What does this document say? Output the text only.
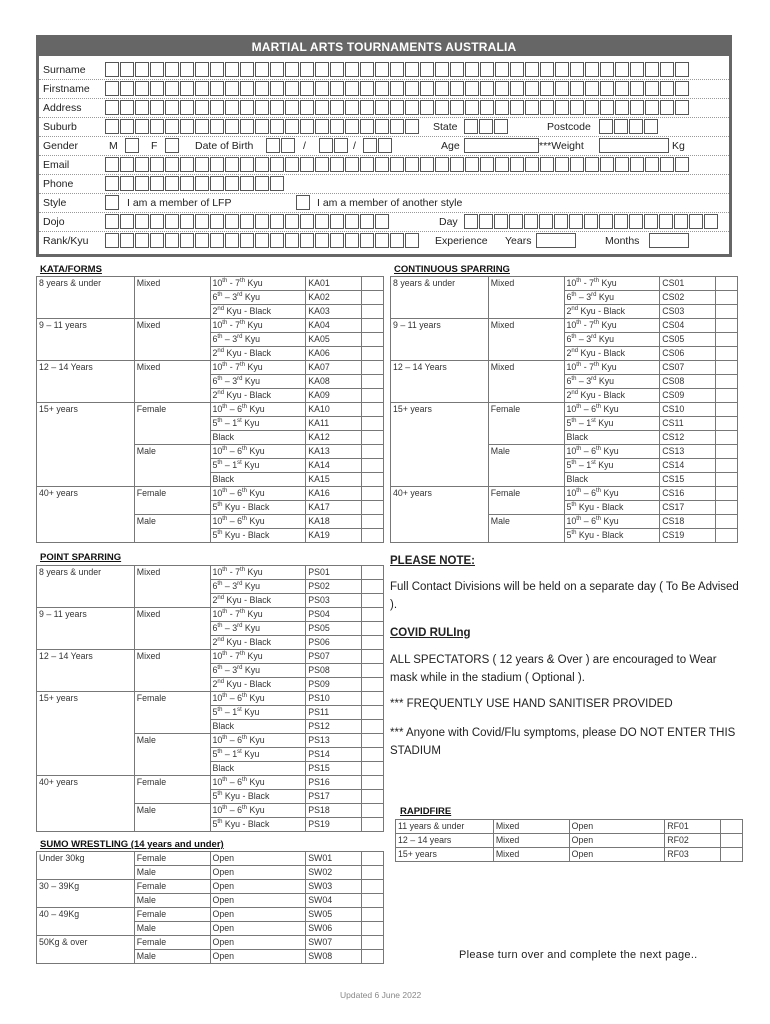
MARTIAL ARTS TOURNAMENTS AUSTRALIA
Surname
Firstname
Address
Suburb	State	Postcode
Gender	M	F	Date of Birth	/	/	Age	***Weight	Kg
Email
Phone
Style	I am a member of LFP	I am a member of another style
Dojo	Day
Rank/Kyu	Experience Years	Months
KATA/FORMS
8 years & under	Mixed	10th - 7th Kyu	KA01	
		6th – 3rd Kyu	KA02	
		2nd Kyu - Black	KA03	
9 – 11 years	Mixed	10th - 7th Kyu	KA04	
		6th – 3rd Kyu	KA05	
		2nd Kyu - Black	KA06	
12 – 14 Years	Mixed	10th - 7th Kyu	KA07	
		6th – 3rd Kyu	KA08	
		2nd Kyu - Black	KA09	
15+ years	Female	10th – 6th Kyu	KA10	
		5th – 1st Kyu	KA11	
		Black	KA12	
	Male	10th – 6th Kyu	KA13	
		5th – 1st Kyu	KA14	
		Black	KA15	
40+ years	Female	10th – 6th Kyu	KA16	
		5th Kyu - Black	KA17	
	Male	10th – 6th Kyu	KA18	
		5th Kyu - Black	KA19	
CONTINUOUS SPARRING
8 years & under	Mixed	10th - 7th Kyu	CS01	
		6th – 3rd Kyu	CS02	
		2nd Kyu - Black	CS03	
9 – 11 years	Mixed	10th - 7th Kyu	CS04	
		6th – 3rd Kyu	CS05	
		2nd Kyu - Black	CS06	
12 – 14 Years	Mixed	10th - 7th Kyu	CS07	
		6th – 3rd Kyu	CS08	
		2nd Kyu - Black	CS09	
15+ years	Female	10th – 6th Kyu	CS10	
		5th – 1st Kyu	CS11	
		Black	CS12	
	Male	10th – 6th Kyu	CS13	
		5th – 1st Kyu	CS14	
		Black	CS15	
40+ years	Female	10th – 6th Kyu	CS16	
		5th Kyu - Black	CS17	
	Male	10th – 6th Kyu	CS18	
		5th Kyu - Black	CS19	
POINT SPARRING
8 years & under	Mixed	10th - 7th Kyu	PS01	
		6th – 3rd Kyu	PS02	
		2nd Kyu - Black	PS03	
9 – 11 years	Mixed	10th - 7th Kyu	PS04	
		6th – 3rd Kyu	PS05	
		2nd Kyu - Black	PS06	
12 – 14 Years	Mixed	10th - 7th Kyu	PS07	
		6th – 3rd Kyu	PS08	
		2nd Kyu - Black	PS09	
15+ years	Female	10th – 6th Kyu	PS10	
		5th – 1st Kyu	PS11	
		Black	PS12	
	Male	10th – 6th Kyu	PS13	
		5th – 1st Kyu	PS14	
		Black	PS15	
40+ years	Female	10th – 6th Kyu	PS16	
		5th Kyu - Black	PS17	
	Male	10th – 6th Kyu	PS18	
		5th Kyu - Black	PS19	
SUMO WRESTLING (14 years and under)
Under 30kg	Female	Open	SW01	
	Male	Open	SW02	
30 – 39Kg	Female	Open	SW03	
	Male	Open	SW04	
40 – 49Kg	Female	Open	SW05	
	Male	Open	SW06	
50Kg & over	Female	Open	SW07	
	Male	Open	SW08	
RAPIDFIRE
11 years & under	Mixed	Open	RF01	
12 – 14 years	Mixed	Open	RF02	
15+ years	Mixed	Open	RF03	
PLEASE NOTE:
Full Contact Divisions will be held on a separate day ( To Be Advised ).
COVID RULIng
ALL SPECTATORS ( 12 years & Over ) are encouraged to Wear mask while in the stadium ( Optional ).
*** FREQUENTLY USE HAND SANITISER PROVIDED
*** Anyone with Covid/Flu symptoms, please DO NOT ENTER THIS STADIUM
Please turn over and complete the next page..
Updated 6 June 2022
